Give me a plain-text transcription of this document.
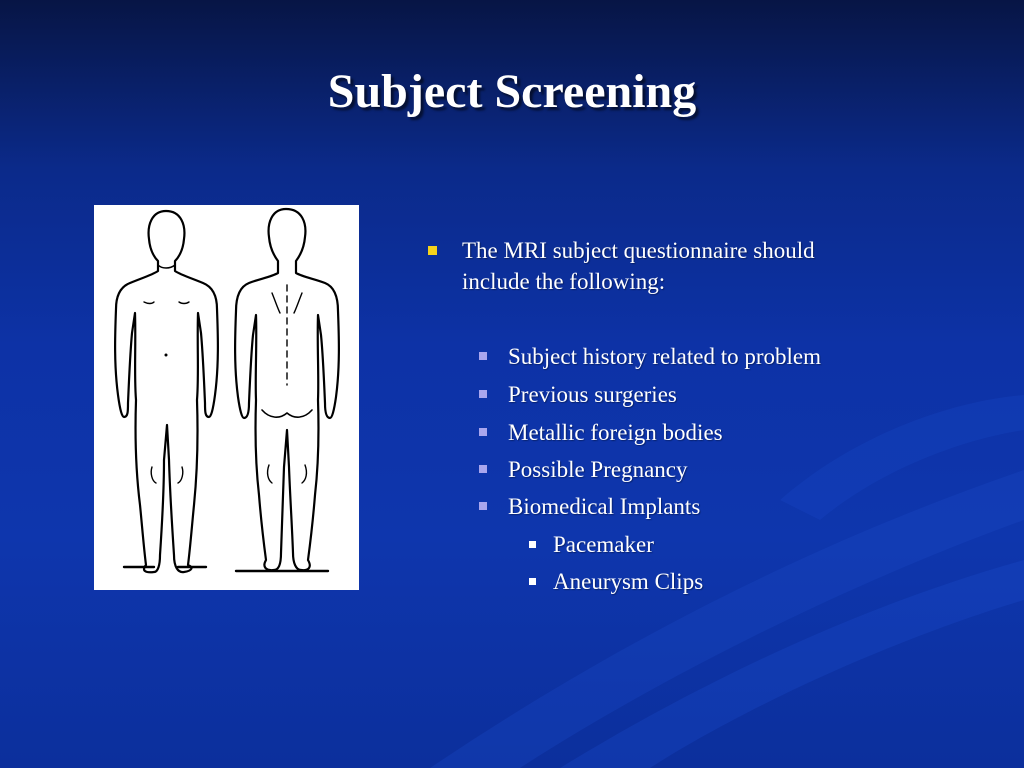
Subject Screening
The MRI subject questionnaire should
include the following:
Subject history related to problem
Previous surgeries
Metallic foreign bodies
Possible Pregnancy
Biomedical Implants
Pacemaker
Aneurysm Clips
